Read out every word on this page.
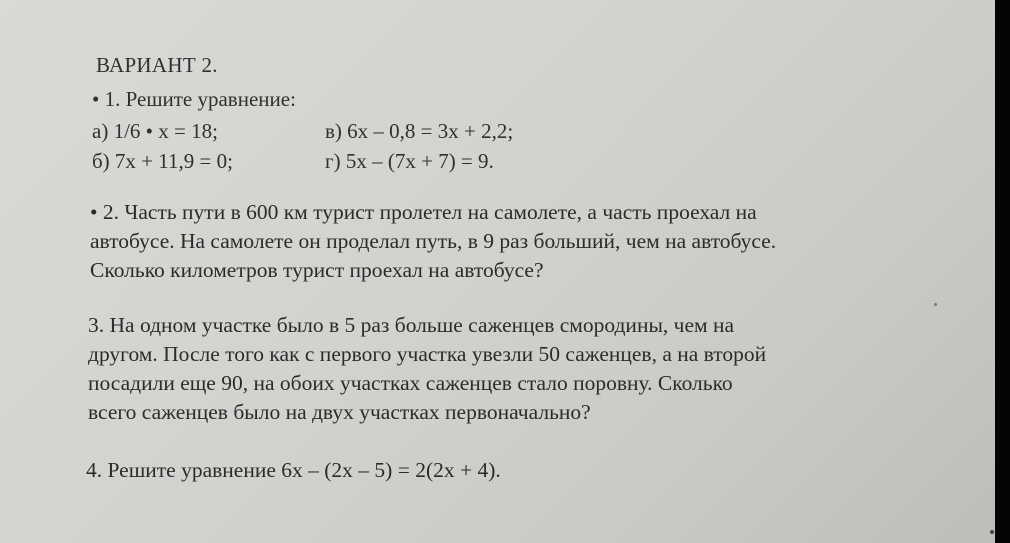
ВАРИАНТ 2.
• 1. Решите уравнение:
а) 1/6 • x = 18;	в) 6x – 0,8 = 3x + 2,2;
б) 7x + 11,9 = 0;	г) 5x – (7x + 7) = 9.
• 2. Часть пути в 600 км турист пролетел на самолете, а часть проехал на
автобусе. На самолете он проделал путь, в 9 раз больший, чем на автобусе.
Сколько километров турист проехал на автобусе?
3. На одном участке было в 5 раз больше саженцев смородины, чем на
другом. После того как с первого участка увезли 50 саженцев, а на второй
посадили еще 90, на обоих участках саженцев стало поровну. Сколько
всего саженцев было на двух участках первоначально?
4. Решите уравнение 6x – (2x – 5) = 2(2x + 4).
